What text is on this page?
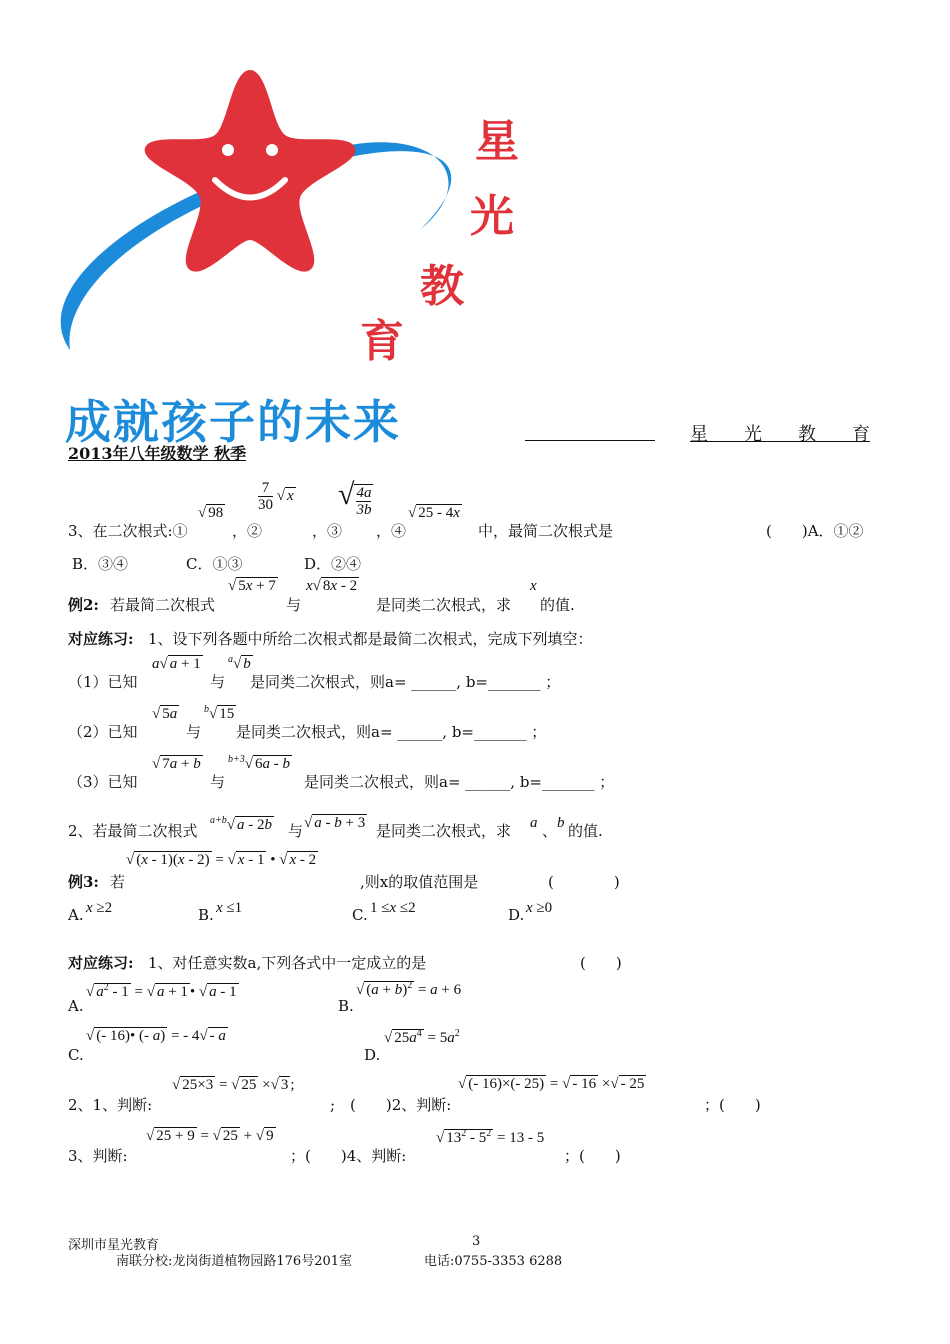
星
光
教
育
成就孩子的未来	星　　光　　教　　育
2013年八年级数学 秋季
3、在二次根式:①
√ 98
，②
$\frac{7}{30}$ √ x
，③
√ $\frac{4a}{3b}$
，④
√ 25 - 4x
中，最简二次根式是	(　　)A．①②
B．③④	C．①③	D．②④
例2: 若最简二次根式
√ 5x + 7
与
x√ 8x - 2
是同类二次根式，求
x
的值.
对应练习: 1、设下列各题中所给二次根式都是最简二次根式，完成下列填空：
（1）已知
a√ a + 1
与
$^a$√ b
是同类二次根式，则a= ______, b=_______ ；
（2）已知
√ 5a
与
$^b$√ 15
是同类二次根式，则a= ______, b=_______ ；
（3）已知
√ 7a + b
与
$^{b+3}$√ 6a - b
是同类二次根式，则a= ______, b=_______ ；
2、若最简二次根式
$^{a+b}$√ a - 2b 与 √ a - b + 3 是同类二次根式，求 a 、 b 的值.
√ (x - 1)(x - 2) = √ x - 1 • √ x - 2
例3: 若	,则x的取值范围是	(　　　　)
A. x ≥2	B. x ≤1	C. 1 ≤x ≤2	D. x ≥0
对应练习: 1、对任意实数a,下列各式中一定成立的是	(　　)
√ $a^2 - 1$ = √ a + 1 • √ a - 1
A.
√ $(a + b)^2 = a + 6$
B.
√ (- 16)• (- a) = - 4√ - a
C.
√ $25a^4 = 5a^2$
D.
2、1、判断:
√ 25×3 = √ 25 ×√ 3 ;
;　(　　)2、判断:
√ (- 16)×(- 25) = √ - 16 ×√ - 25
；(　　)
3、判断:
√ 25 + 9 = √ 25 + √ 9
；(　　)4、判断:
√ $13^2 - 5^2 = 13 - 5$
；(　　)
深圳市星光教育	3
南联分校:龙岗街道植物园路176号201室	电话:0755-3353 6288
